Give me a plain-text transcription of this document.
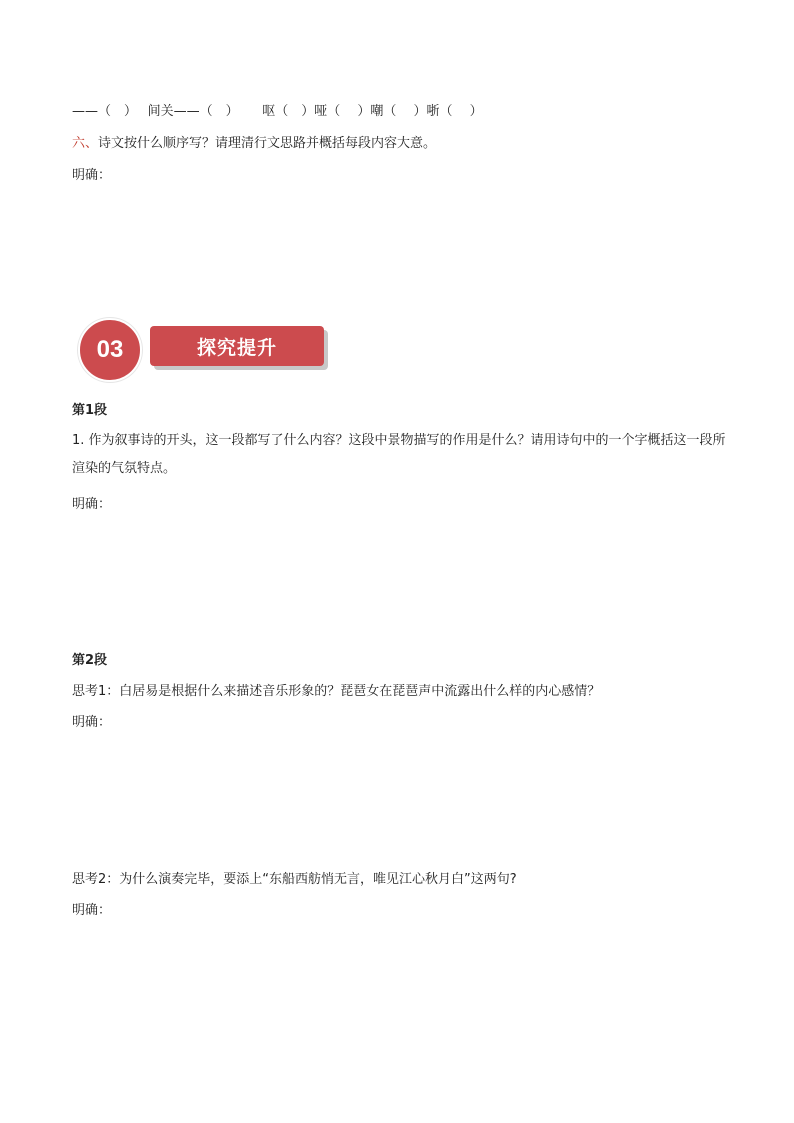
——（　）　 间关——（　）　　 呕（　）哑（　 ）嘲（　 ）哳（　 ）
六、诗文按什么顺序写？请理清行文思路并概括每段内容大意。
明确：
03	探究提升
第1段
1. 作为叙事诗的开头，这一段都写了什么内容？这段中景物描写的作用是什么？请用诗句中的一个字概括这一段所渲染的气氛特点。
明确：
第2段
思考1：白居易是根据什么来描述音乐形象的？琵琶女在琵琶声中流露出什么样的内心感情？
明确：
思考2：为什么演奏完毕，要添上“东船西舫悄无言，唯见江心秋月白”这两句?
明确：
